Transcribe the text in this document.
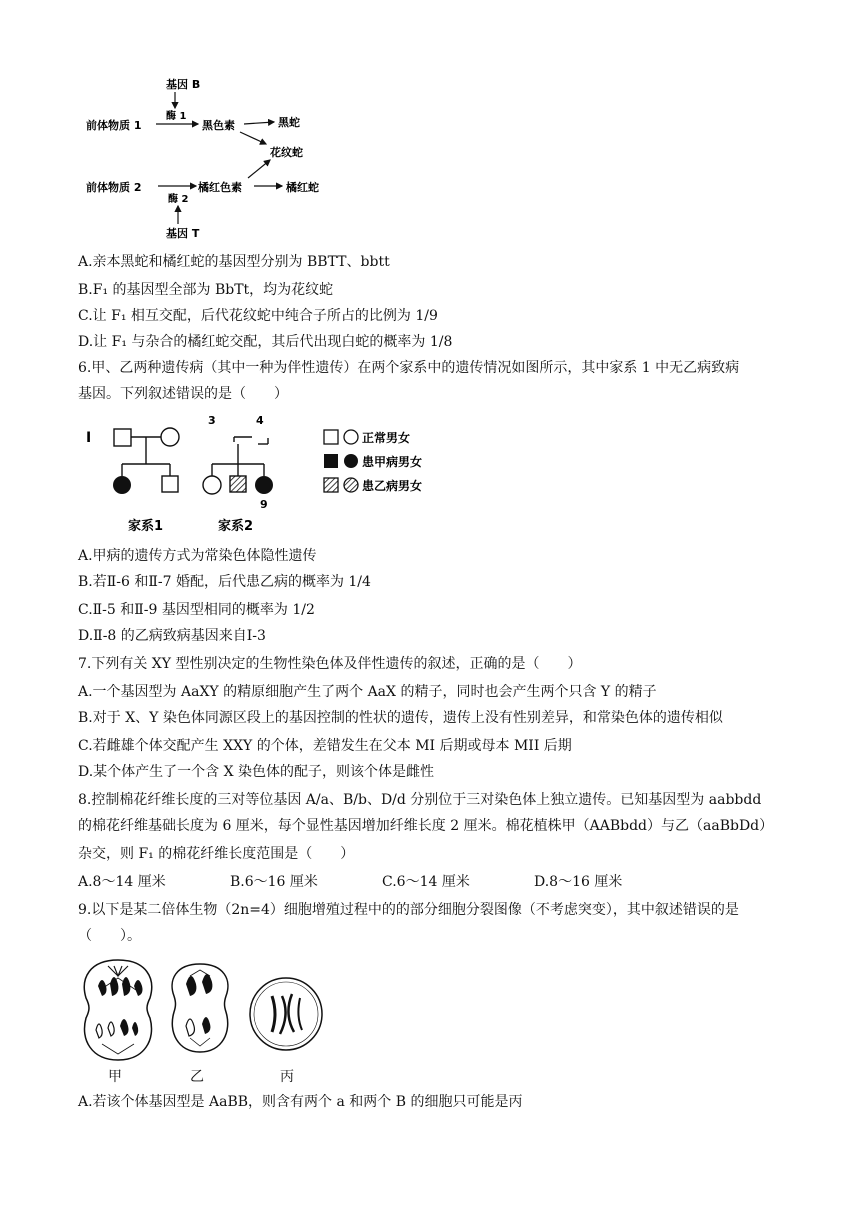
基因 B
酶 1
前体物质 1	黑色素	黑蛇
花纹蛇
前体物质 2
酶 2
橘红色素	橘红蛇
基因 T
A.亲本黑蛇和橘红蛇的基因型分别为 BBTT、bbtt
B.F₁ 的基因型全部为 BbTt，均为花纹蛇
C.让 F₁ 相互交配，后代花纹蛇中纯合子所占的比例为 1/9
D.让 F₁ 与杂合的橘红蛇交配，其后代出现白蛇的概率为 1/8
6.甲、乙两种遗传病（其中一种为伴性遗传）在两个家系中的遗传情况如图所示，其中家系 1 中无乙病致病
基因。下列叙述错误的是（　　）
I
家系1
3	4
9
家系2
正常男女
患甲病男女
患乙病男女
A.甲病的遗传方式为常染色体隐性遗传
B.若Ⅱ-6 和Ⅱ-7 婚配，后代患乙病的概率为 1/4
C.Ⅱ-5 和Ⅱ-9 基因型相同的概率为 1/2
D.Ⅱ-8 的乙病致病基因来自Ⅰ-3
7.下列有关 XY 型性别决定的生物性染色体及伴性遗传的叙述，正确的是（　　）
A.一个基因型为 AaXY 的精原细胞产生了两个 AaX 的精子，同时也会产生两个只含 Y 的精子
B.对于 X、Y 染色体同源区段上的基因控制的性状的遗传，遗传上没有性别差异，和常染色体的遗传相似
C.若雌雄个体交配产生 XXY 的个体，差错发生在父本 MI 后期或母本 MII 后期
D.某个体产生了一个含 X 染色体的配子，则该个体是雌性
8.控制棉花纤维长度的三对等位基因 A/a、B/b、D/d 分别位于三对染色体上独立遗传。已知基因型为 aabbdd
的棉花纤维基础长度为 6 厘米，每个显性基因增加纤维长度 2 厘米。棉花植株甲（AABbdd）与乙（aaBbDd）
杂交，则 F₁ 的棉花纤维长度范围是（　　）
A.8～14 厘米	B.6～16 厘米	C.6～14 厘米	D.8～16 厘米
9.以下是某二倍体生物（2n=4）细胞增殖过程中的的部分细胞分裂图像（不考虑突变），其中叙述错误的是
（　　）。
甲	乙	丙
A.若该个体基因型是 AaBB，则含有两个 a 和两个 B 的细胞只可能是丙
